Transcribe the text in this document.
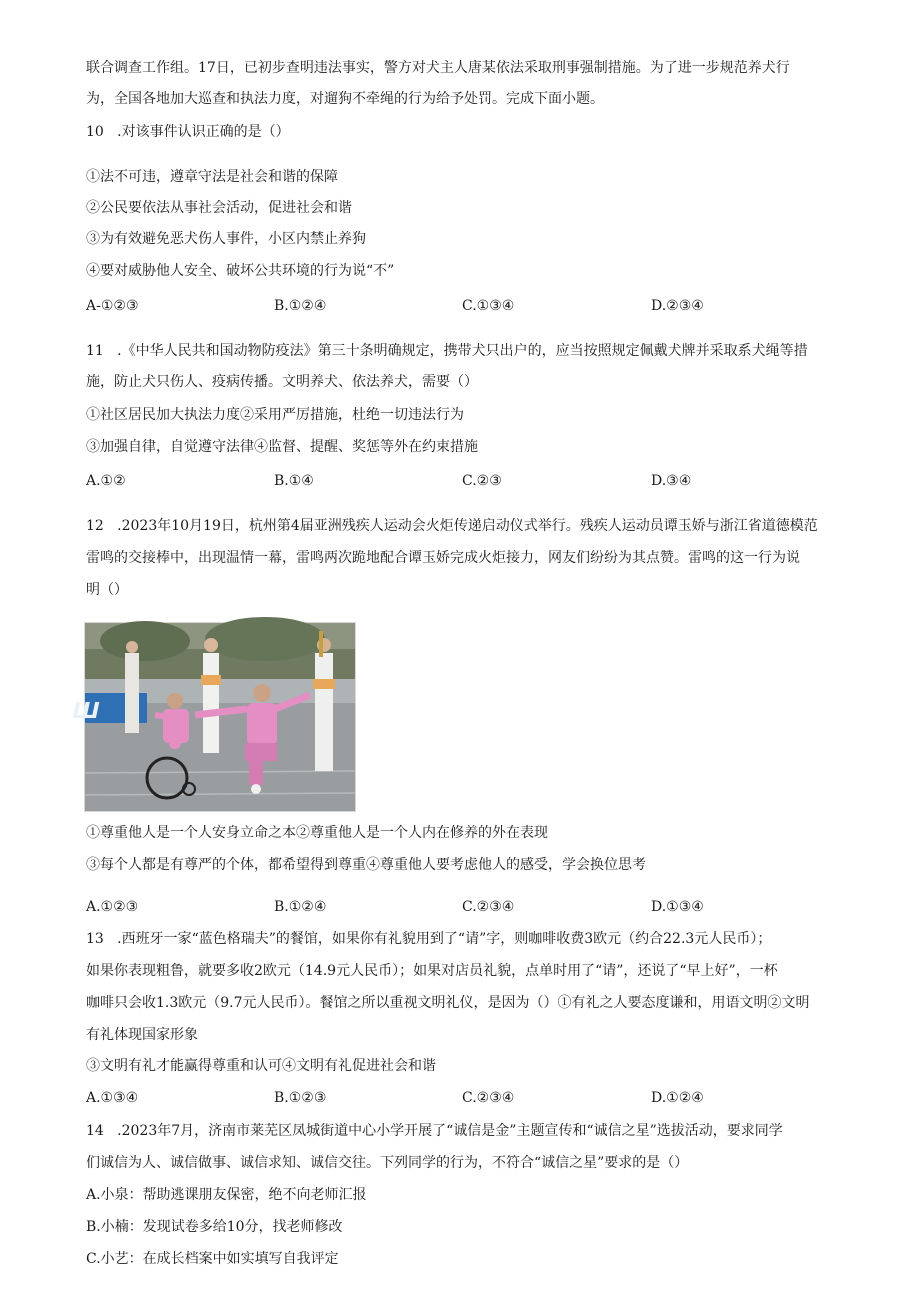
联合调查工作组。17日，已初步查明违法事实，警方对犬主人唐某依法采取刑事强制措施。为了进一步规范养犬行
为，全国各地加大巡查和执法力度，对遛狗不牵绳的行为给予处罚。完成下面小题。
10   .对该事件认识正确的是（）
①法不可违，遵章守法是社会和谐的保障
②公民要依法从事社会活动，促进社会和谐
③为有效避免恶犬伤人事件，小区内禁止养狗
④要对威胁他人安全、破坏公共环境的行为说“不”
A-①②③	B.①②④	C.①③④	D.②③④
11   .《中华人民共和国动物防疫法》第三十条明确规定，携带犬只出户的，应当按照规定佩戴犬牌并采取系犬绳等措
施，防止犬只伤人、疫病传播。文明养犬、依法养犬，需要（）
①社区居民加大执法力度②采用严厉措施，杜绝一切违法行为
③加强自律，自觉遵守法律④监督、提醒、奖惩等外在约束措施
A.①②	B.①④	C.②③	D.③④
12   .2023年10月19日，杭州第4届亚洲残疾人运动会火炬传递启动仪式举行。残疾人运动员谭玉娇与浙江省道德模范
雷鸣的交接棒中，出现温情一幕，雷鸣两次跪地配合谭玉娇完成火炬接力，网友们纷纷为其点赞。雷鸣的这一行为说
明（）
Ш
①尊重他人是一个人安身立命之本②尊重他人是一个人内在修养的外在表现
③每个人都是有尊严的个体，都希望得到尊重④尊重他人要考虑他人的感受，学会换位思考
A.①②③	B.①②④	C.②③④	D.①③④
13   .西班牙一家“蓝色格瑞夫”的餐馆，如果你有礼貌用到了“请”字，则咖啡收费3欧元（约合22.3元人民币）；
如果你表现粗鲁，就要多收2欧元（14.9元人民币）；如果对店员礼貌，点单时用了“请”，还说了“早上好”，一杯
咖啡只会收1.3欧元（9.7元人民币）。餐馆之所以重视文明礼仪，是因为（）①有礼之人要态度谦和，用语文明②文明
有礼体现国家形象
③文明有礼才能赢得尊重和认可④文明有礼促进社会和谐
A.①③④	B.①②③	C.②③④	D.①②④
14   .2023年7月，济南市莱芜区凤城街道中心小学开展了“诚信是金”主题宣传和“诚信之星”选拔活动，要求同学
们诚信为人、诚信做事、诚信求知、诚信交往。下列同学的行为，不符合“诚信之星”要求的是（）
A.小泉：帮助逃课朋友保密，绝不向老师汇报
B.小楠：发现试卷多给10分，找老师修改
C.小艺：在成长档案中如实填写自我评定
